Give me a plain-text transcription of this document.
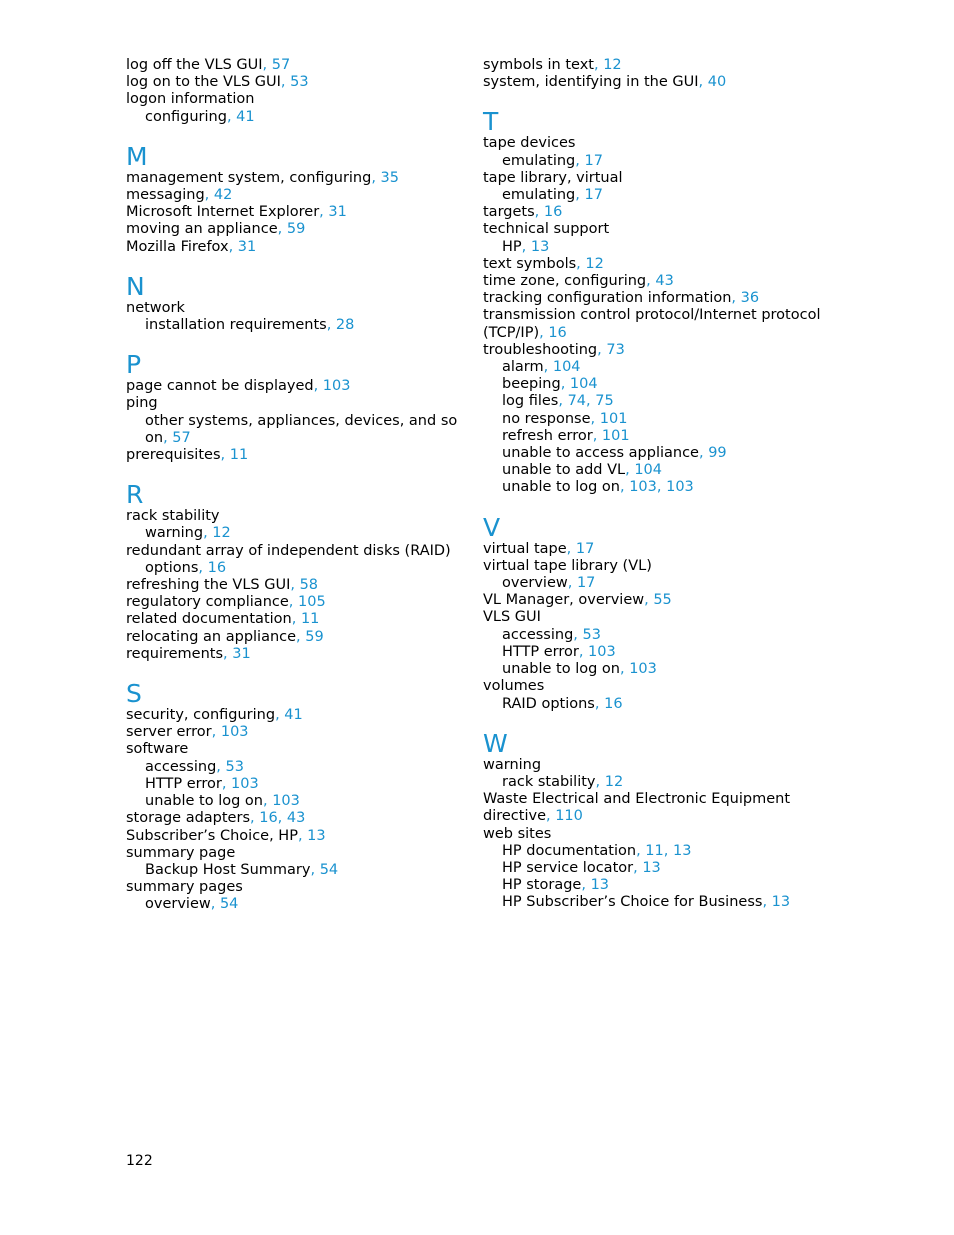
log off the VLS GUI, 57
log on to the VLS GUI, 53
logon information
configuring, 41
M
management system, configuring, 35
messaging, 42
Microsoft Internet Explorer, 31
moving an appliance, 59
Mozilla Firefox, 31
N
network
installation requirements, 28
P
page cannot be displayed, 103
ping
other systems, appliances, devices, and so
on, 57
prerequisites, 11
R
rack stability
warning, 12
redundant array of independent disks (RAID)
options, 16
refreshing the VLS GUI, 58
regulatory compliance, 105
related documentation, 11
relocating an appliance, 59
requirements, 31
S
security, configuring, 41
server error, 103
software
accessing, 53
HTTP error, 103
unable to log on, 103
storage adapters, 16, 43
Subscriber’s Choice, HP, 13
summary page
Backup Host Summary, 54
summary pages
overview, 54
symbols in text, 12
system, identifying in the GUI, 40
T
tape devices
emulating, 17
tape library, virtual
emulating, 17
targets, 16
technical support
HP, 13
text symbols, 12
time zone, configuring, 43
tracking configuration information, 36
transmission control protocol/Internet protocol
(TCP/IP), 16
troubleshooting, 73
alarm, 104
beeping, 104
log files, 74, 75
no response, 101
refresh error, 101
unable to access appliance, 99
unable to add VL, 104
unable to log on, 103, 103
V
virtual tape, 17
virtual tape library (VL)
overview, 17
VL Manager, overview, 55
VLS GUI
accessing, 53
HTTP error, 103
unable to log on, 103
volumes
RAID options, 16
W
warning
rack stability, 12
Waste Electrical and Electronic Equipment
directive, 110
web sites
HP documentation, 11, 13
HP service locator, 13
HP storage, 13
HP Subscriber’s Choice for Business, 13
122
